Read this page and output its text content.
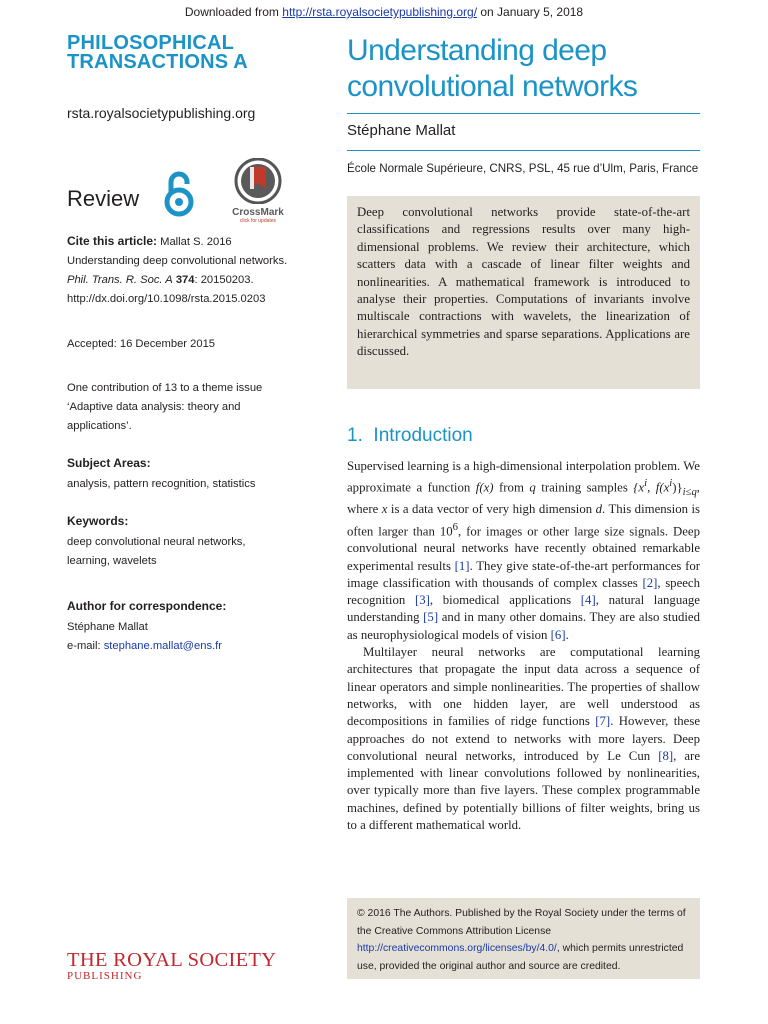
Downloaded from http://rsta.royalsocietypublishing.org/ on January 5, 2018
PHILOSOPHICAL
TRANSACTIONS A
rsta.royalsocietypublishing.org
Review
CrossMark
click for updates
Cite this article: Mallat S. 2016
Understanding deep convolutional networks.
Phil. Trans. R. Soc. A 374: 20150203.
http://dx.doi.org/10.1098/rsta.2015.0203
Accepted: 16 December 2015
One contribution of 13 to a theme issue
‘Adaptive data analysis: theory and
applications’.
Subject Areas:
analysis, pattern recognition, statistics
Keywords:
deep convolutional neural networks,
learning, wavelets
Author for correspondence:
Stéphane Mallat
e-mail: stephane.mallat@ens.fr
Understanding deep
convolutional networks
Stéphane Mallat
École Normale Supérieure, CNRS, PSL, 45 rue d’Ulm, Paris, France
Deep convolutional networks provide state-of-the-art classifications and regressions results over many high-dimensional problems. We review their architecture, which scatters data with a cascade of linear filter weights and nonlinearities. A mathematical framework is introduced to analyse their properties. Computations of invariants involve multiscale contractions with wavelets, the linearization of hierarchical symmetries and sparse separations. Applications are discussed.
1. Introduction

Supervised learning is a high-dimensional interpolation problem. We approximate a function f(x) from q training samples {$x^i$, $f(x^i)\}_{i\le q}$, where x is a data vector of very high dimension d. This dimension is often larger than $10^6$, for images or other large size signals. Deep convolutional neural networks have recently obtained remarkable experimental results [1]. They give state-of-the-art performances for image classification with thousands of complex classes [2], speech recognition [3], biomedical applications [4], natural language understanding [5] and in many other domains. They are also studied as neurophysiological models of vision [6].

Multilayer neural networks are computational learning architectures that propagate the input data across a sequence of linear operators and simple nonlinearities. The properties of shallow networks, with one hidden layer, are well understood as decompositions in families of ridge functions [7]. However, these approaches do not extend to networks with more layers. Deep convolutional neural networks, introduced by Le Cun [8], are implemented with linear convolutions followed by nonlinearities, over typically more than five layers. These complex programmable machines, defined by potentially billions of filter weights, bring us to a different mathematical world.

© 2016 The Authors. Published by the Royal Society under the terms of the Creative Commons Attribution License http://creativecommons.org/licenses/by/4.0/, which permits unrestricted use, provided the original author and source are credited.
THE ROYAL SOCIETY
PUBLISHING
